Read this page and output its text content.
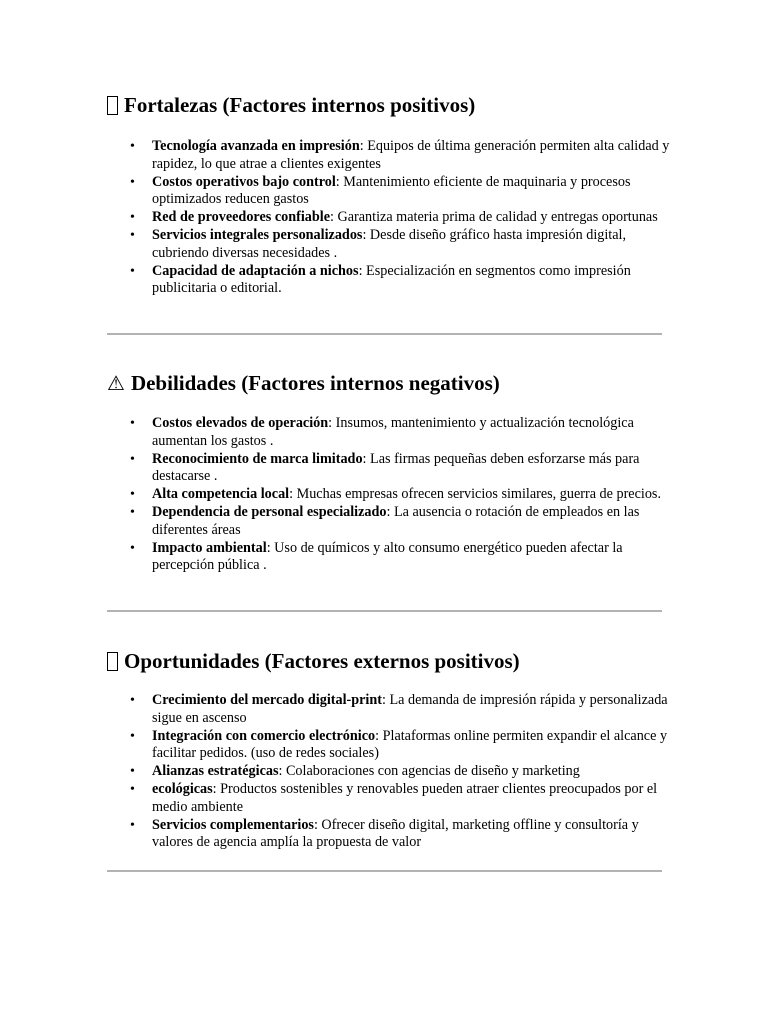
Fortalezas (Factores internos positivos)
• Tecnología avanzada en impresión: Equipos de última generación permiten alta calidad y rapidez, lo que atrae a clientes exigentes
• Costos operativos bajo control: Mantenimiento eficiente de maquinaria y procesos optimizados reducen gastos
• Red de proveedores confiable: Garantiza materia prima de calidad y entregas oportunas
• Servicios integrales personalizados: Desde diseño gráfico hasta impresión digital, cubriendo diversas necesidades .
• Capacidad de adaptación a nichos: Especialización en segmentos como impresión publicitaria o editorial.
⚠ Debilidades (Factores internos negativos)
• Costos elevados de operación: Insumos, mantenimiento y actualización tecnológica aumentan los gastos .
• Reconocimiento de marca limitado: Las firmas pequeñas deben esforzarse más para destacarse .
• Alta competencia local: Muchas empresas ofrecen servicios similares, guerra de precios.
• Dependencia de personal especializado: La ausencia o rotación de empleados en las diferentes áreas
• Impacto ambiental: Uso de químicos y alto consumo energético pueden afectar la percepción pública .
Oportunidades (Factores externos positivos)
• Crecimiento del mercado digital-print: La demanda de impresión rápida y personalizada sigue en ascenso
• Integración con comercio electrónico: Plataformas online permiten expandir el alcance y facilitar pedidos. (uso de redes sociales)
• Alianzas estratégicas: Colaboraciones con agencias de diseño y marketing
• ecológicas: Productos sostenibles y renovables pueden atraer clientes preocupados por el medio ambiente
• Servicios complementarios: Ofrecer diseño digital, marketing offline y consultoría y valores de agencia amplía la propuesta de valor
